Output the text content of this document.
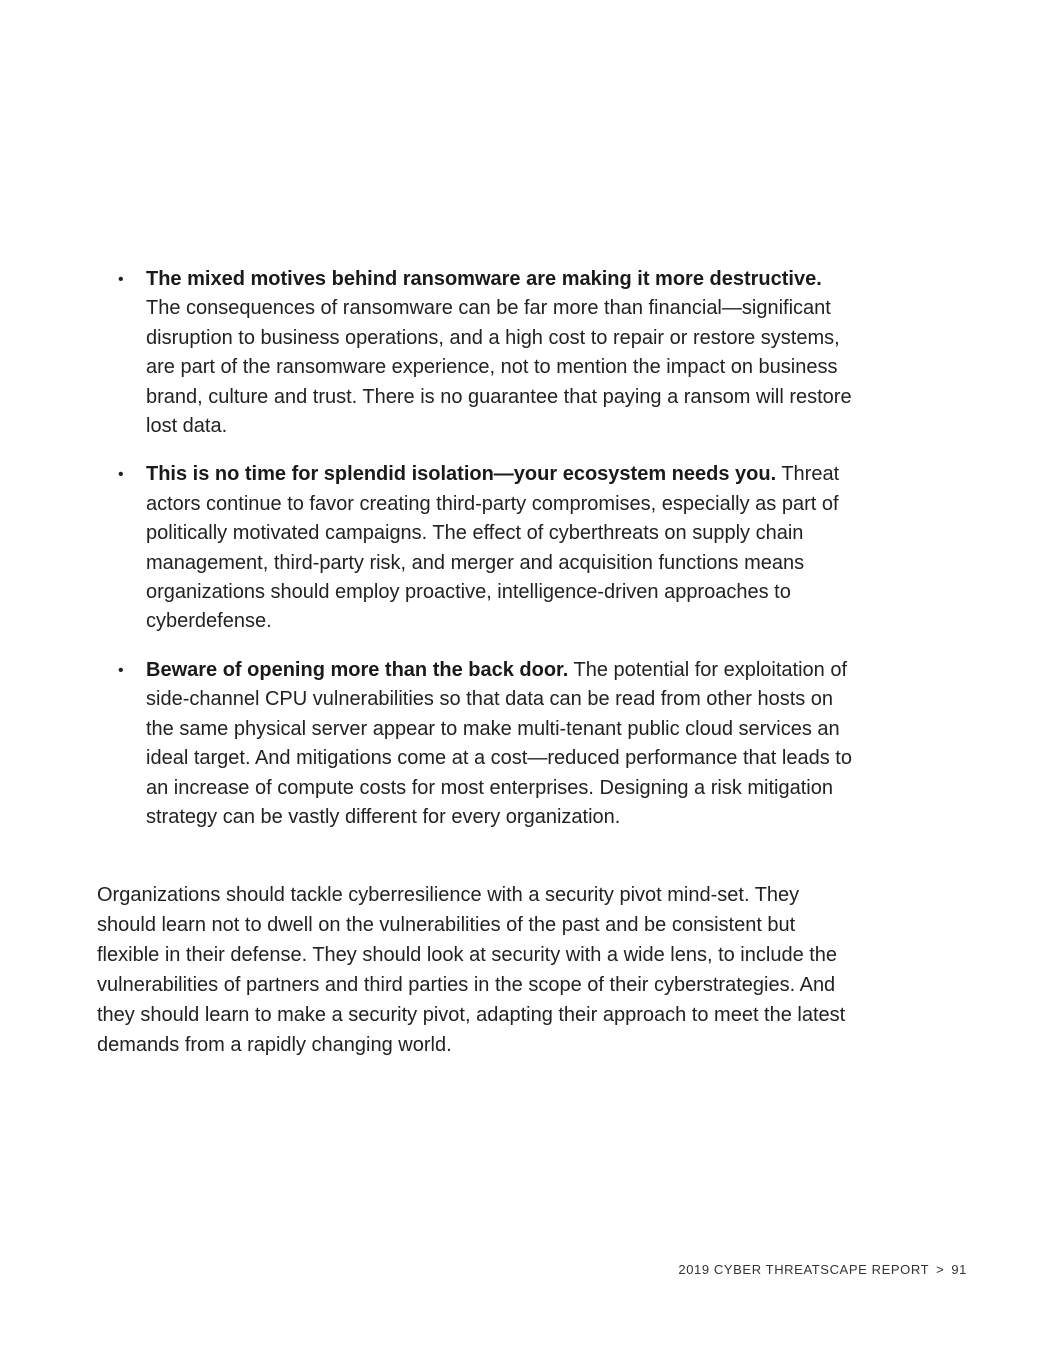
•	The mixed motives behind ransomware are making it more destructive. The consequences of ransomware can be far more than financial—significant disruption to business operations, and a high cost to repair or restore systems, are part of the ransomware experience, not to mention the impact on business brand, culture and trust. There is no guarantee that paying a ransom will restore lost data.
•	This is no time for splendid isolation—your ecosystem needs you. Threat actors continue to favor creating third-party compromises, especially as part of politically motivated campaigns. The effect of cyberthreats on supply chain management, third-party risk, and merger and acquisition functions means organizations should employ proactive, intelligence-driven approaches to cyberdefense.
•	Beware of opening more than the back door. The potential for exploitation of side-channel CPU vulnerabilities so that data can be read from other hosts on the same physical server appear to make multi-tenant public cloud services an ideal target. And mitigations come at a cost—reduced performance that leads to an increase of compute costs for most enterprises. Designing a risk mitigation strategy can be vastly different for every organization.

Organizations should tackle cyberresilience with a security pivot mind-set. They should learn not to dwell on the vulnerabilities of the past and be consistent but flexible in their defense. They should look at security with a wide lens, to include the vulnerabilities of partners and third parties in the scope of their cyberstrategies. And they should learn to make a security pivot, adapting their approach to meet the latest demands from a rapidly changing world.

2019 CYBER THREATSCAPE REPORT > 91
